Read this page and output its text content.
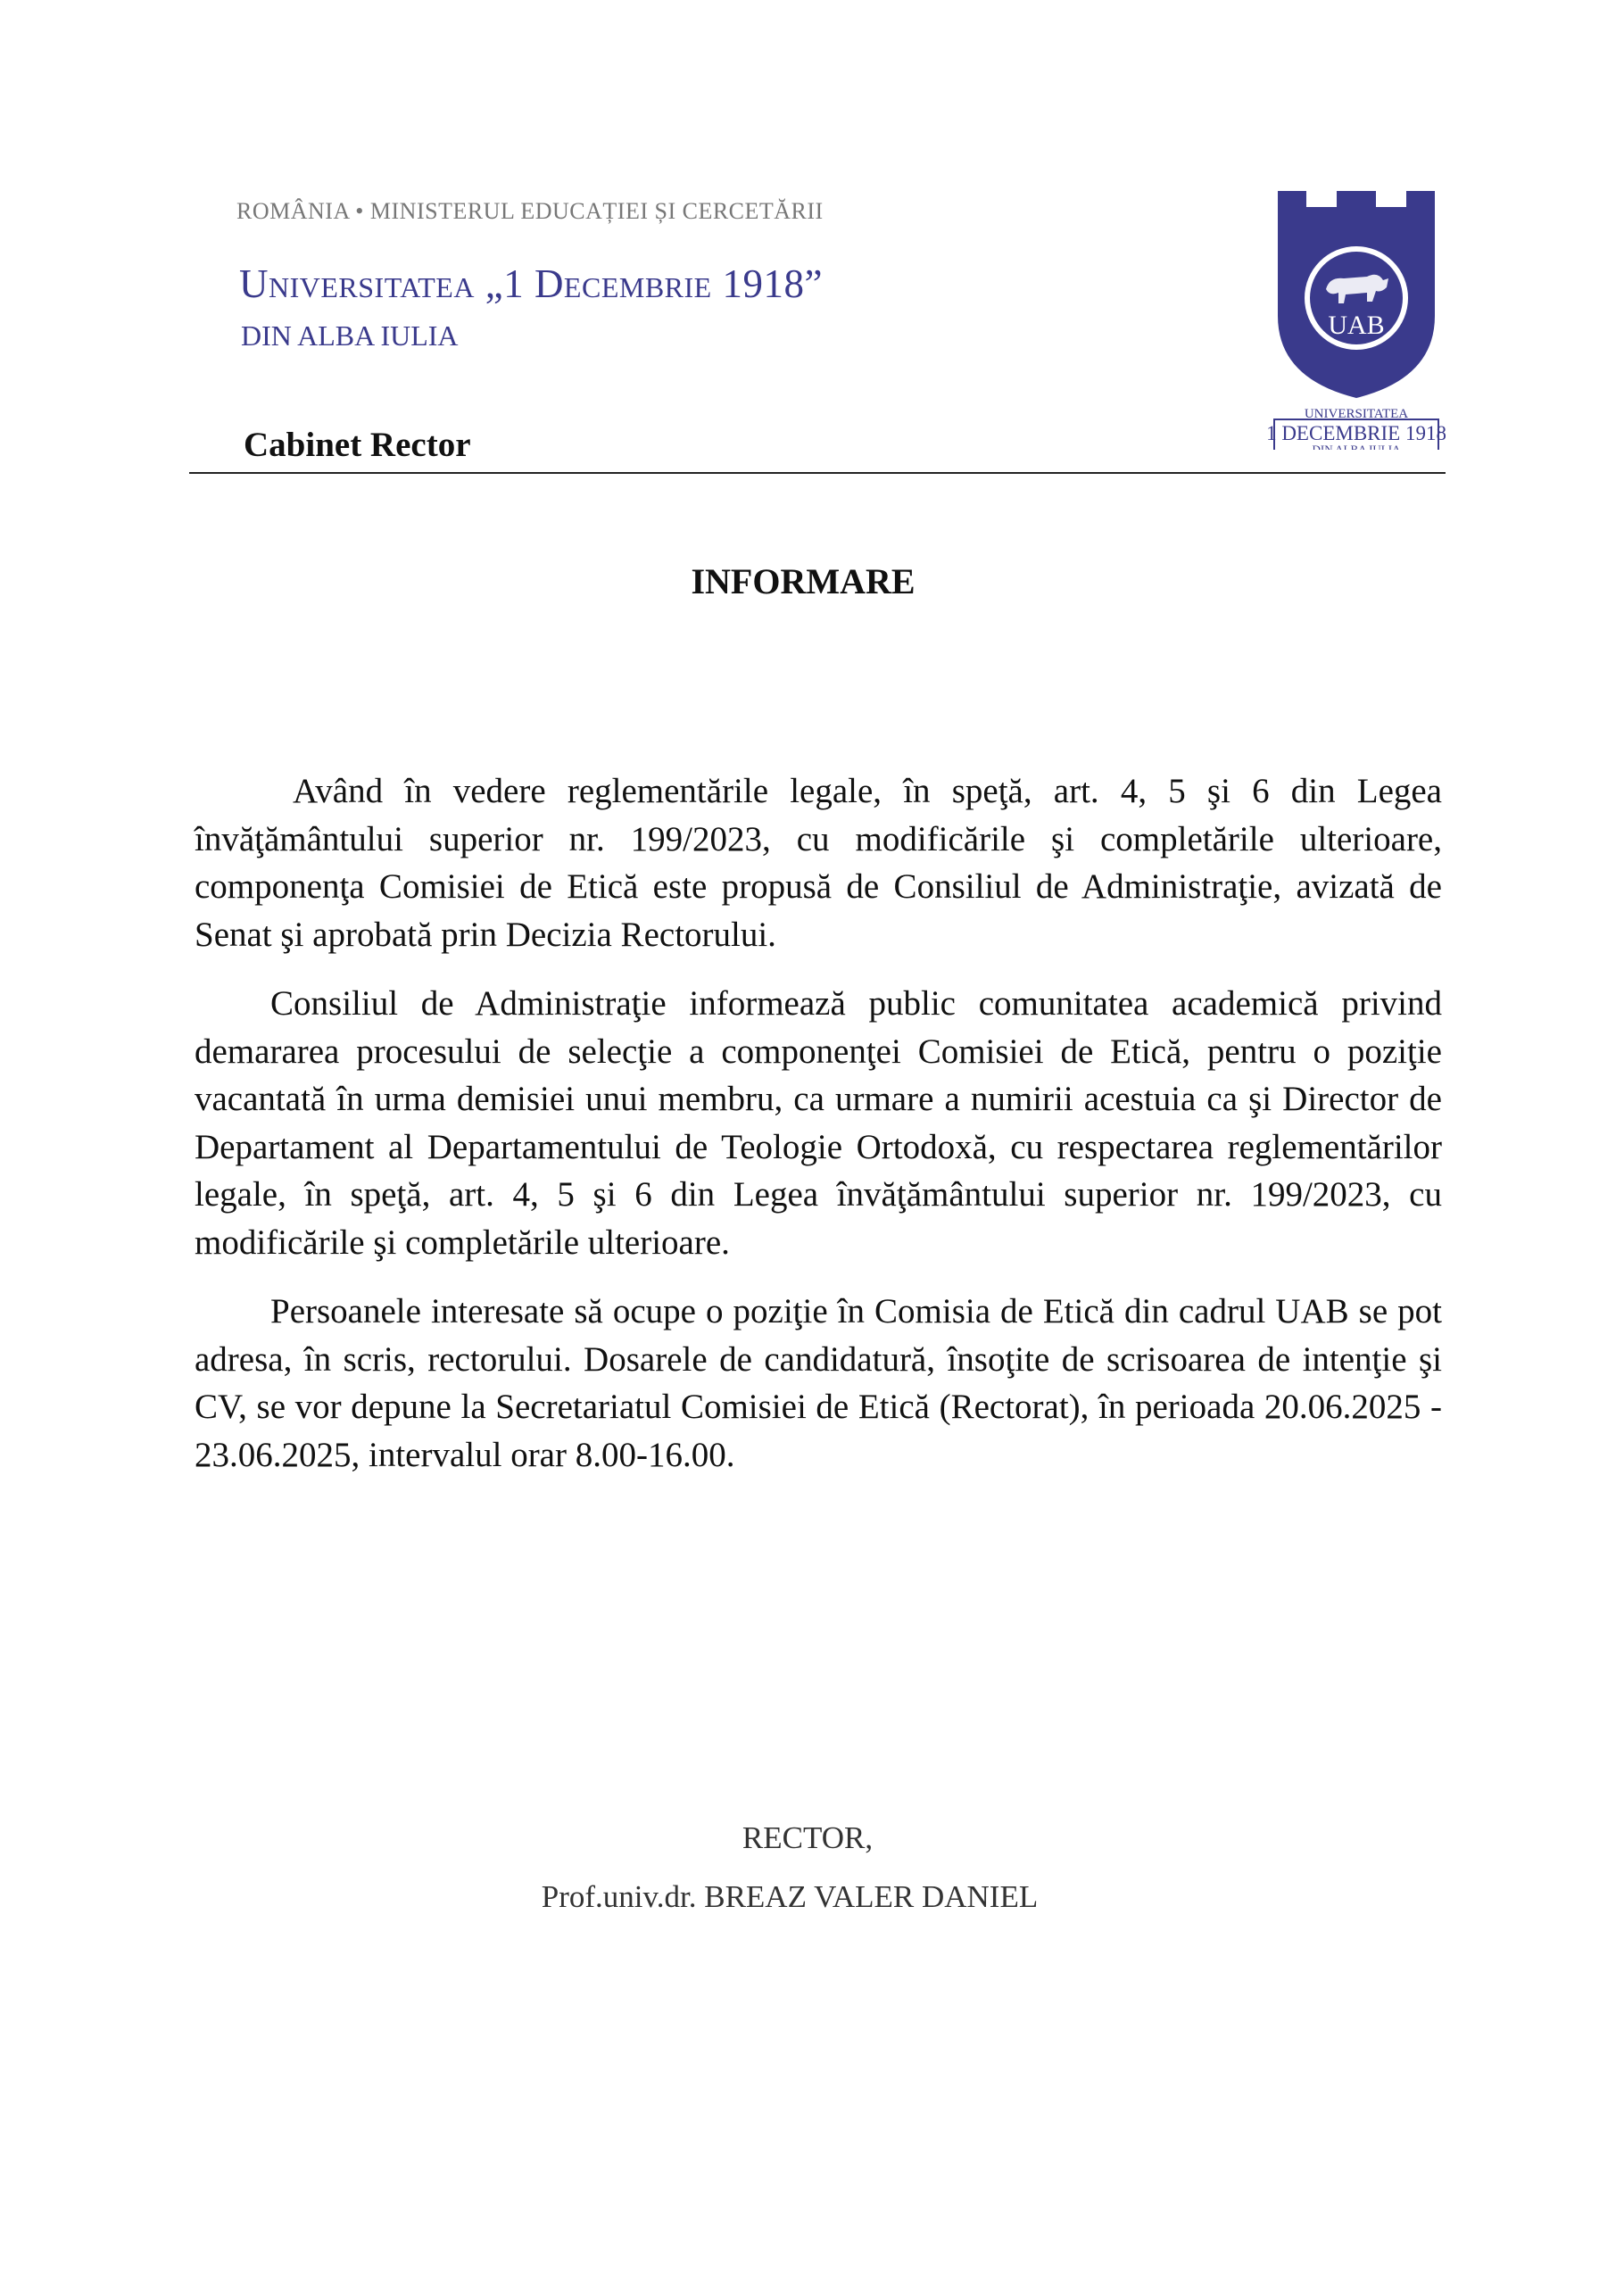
ROMÂNIA • MINISTERUL EDUCAȚIEI ȘI CERCETĂRII
Universitatea „1 Decembrie 1918”
DIN ALBA IULIA
Cabinet Rector
UAB
UNIVERSITATEA
1 DECEMBRIE 1918
DIN ALBA IULIA
INFORMARE

Având în vedere reglementările legale, în speţă, art. 4, 5 şi 6 din Legea învăţământului superior nr. 199/2023, cu modificările şi completările ulterioare, componenţa Comisiei de Etică este propusă de Consiliul de Administraţie, avizată de Senat şi aprobată prin Decizia Rectorului.

Consiliul de Administraţie informează public comunitatea academică privind demararea procesului de selecţie a componenţei Comisiei de Etică, pentru o poziţie vacantată în urma demisiei unui membru, ca urmare a numirii acestuia ca şi Director de Departament al Departamentului de Teologie Ortodoxă, cu respectarea reglementărilor legale, în speţă, art. 4, 5 şi 6 din Legea învăţământului superior nr. 199/2023, cu modificările şi completările ulterioare.

Persoanele interesate să ocupe o poziţie în Comisia de Etică din cadrul UAB se pot adresa, în scris, rectorului. Dosarele de candidatură, însoţite de scrisoarea de intenţie şi CV, se vor depune la Secretariatul Comisiei de Etică (Rectorat), în perioada 20.06.2025 - 23.06.2025, intervalul orar 8.00-16.00.

RECTOR,
Prof.univ.dr. BREAZ VALER DANIEL
